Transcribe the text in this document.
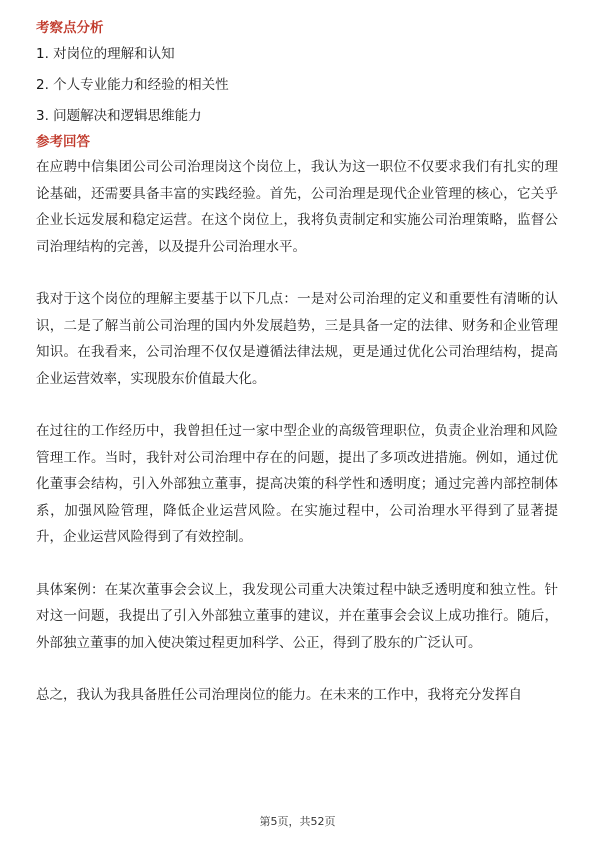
考察点分析
1. 对岗位的理解和认知
2. 个人专业能力和经验的相关性
3. 问题解决和逻辑思维能力
参考回答

在应聘中信集团公司公司治理岗这个岗位上，我认为这一职位不仅要求我们有扎实的理论基础，还需要具备丰富的实践经验。首先，公司治理是现代企业管理的核心，它关乎企业长远发展和稳定运营。在这个岗位上，我将负责制定和实施公司治理策略，监督公司治理结构的完善，以及提升公司治理水平。

我对于这个岗位的理解主要基于以下几点：一是对公司治理的定义和重要性有清晰的认识，二是了解当前公司治理的国内外发展趋势，三是具备一定的法律、财务和企业管理知识。在我看来，公司治理不仅仅是遵循法律法规，更是通过优化公司治理结构，提高企业运营效率，实现股东价值最大化。

在过往的工作经历中，我曾担任过一家中型企业的高级管理职位，负责企业治理和风险管理工作。当时，我针对公司治理中存在的问题，提出了多项改进措施。例如，通过优化董事会结构，引入外部独立董事，提高决策的科学性和透明度；通过完善内部控制体系，加强风险管理，降低企业运营风险。在实施过程中，公司治理水平得到了显著提升，企业运营风险得到了有效控制。

具体案例：在某次董事会会议上，我发现公司重大决策过程中缺乏透明度和独立性。针对这一问题，我提出了引入外部独立董事的建议，并在董事会会议上成功推行。随后，外部独立董事的加入使决策过程更加科学、公正，得到了股东的广泛认可。

总之，我认为我具备胜任公司治理岗位的能力。在未来的工作中，我将充分发挥自

第5页，共52页
